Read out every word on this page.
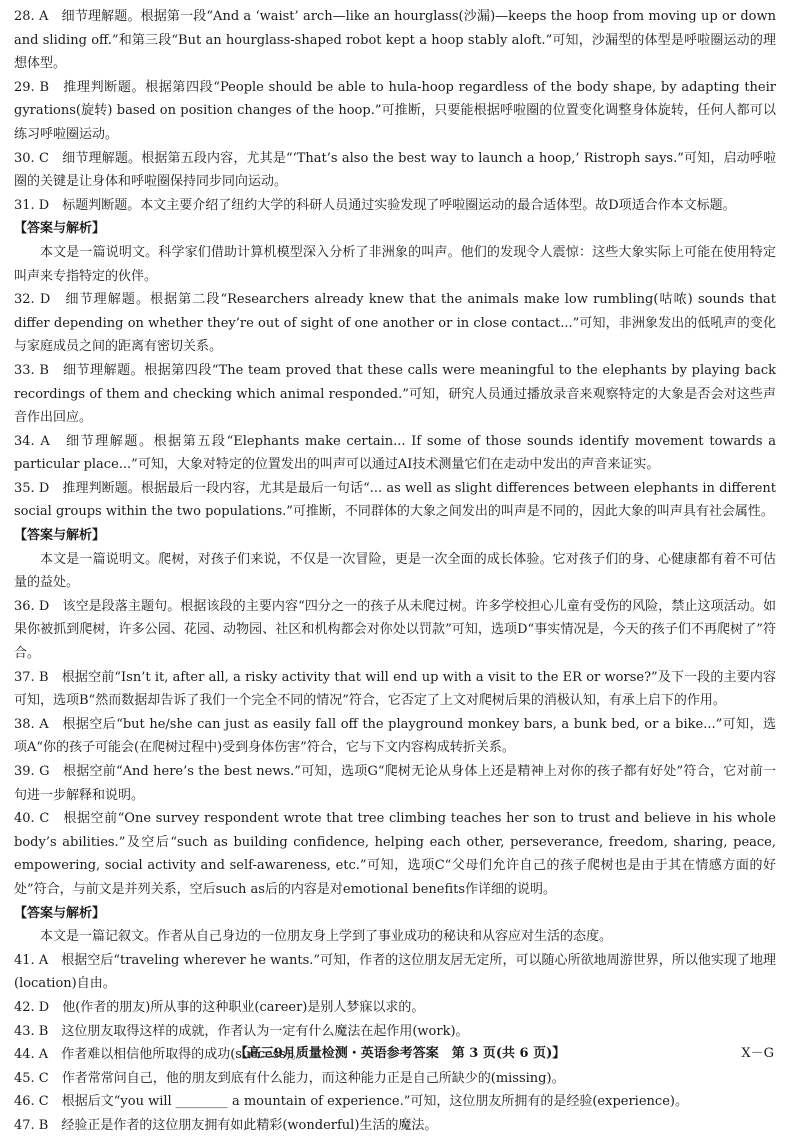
28. A　细节理解题。根据第一段“And a ‘waist’ arch—like an hourglass(沙漏)—keeps the hoop from moving up or down and sliding off.”和第三段“But an hourglass-shaped robot kept a hoop stably aloft.”可知，沙漏型的体型是呼啦圈运动的理想体型。
29. B　推理判断题。根据第四段“People should be able to hula-hoop regardless of the body shape, by adapting their gyrations(旋转) based on position changes of the hoop.”可推断，只要能根据呼啦圈的位置变化调整身体旋转，任何人都可以练习呼啦圈运动。
30. C　细节理解题。根据第五段内容，尤其是“‘That’s also the best way to launch a hoop,’ Ristroph says.”可知，启动呼啦圈的关键是让身体和呼啦圈保持同步同向运动。
31. D　标题判断题。本文主要介绍了纽约大学的科研人员通过实验发现了呼啦圈运动的最合适体型。故D项适合作本文标题。
【答案与解析】
本文是一篇说明文。科学家们借助计算机模型深入分析了非洲象的叫声。他们的发现令人震惊：这些大象实际上可能在使用特定叫声来专指特定的伙伴。
32. D　细节理解题。根据第二段“Researchers already knew that the animals make low rumbling(咕哝) sounds that differ depending on whether they’re out of sight of one another or in close contact...”可知，非洲象发出的低吼声的变化与家庭成员之间的距离有密切关系。
33. B　细节理解题。根据第四段“The team proved that these calls were meaningful to the elephants by playing back recordings of them and checking which animal responded.”可知，研究人员通过播放录音来观察特定的大象是否会对这些声音作出回应。
34. A　细节理解题。根据第五段“Elephants make certain... If some of those sounds identify movement towards a particular place...”可知，大象对特定的位置发出的叫声可以通过AI技术测量它们在走动中发出的声音来证实。
35. D　推理判断题。根据最后一段内容，尤其是最后一句话“... as well as slight differences between elephants in different social groups within the two populations.”可推断，不同群体的大象之间发出的叫声是不同的，因此大象的叫声具有社会属性。
【答案与解析】
本文是一篇说明文。爬树，对孩子们来说，不仅是一次冒险，更是一次全面的成长体验。它对孩子们的身、心健康都有着不可估量的益处。
36. D　该空是段落主题句。根据该段的主要内容“四分之一的孩子从未爬过树。许多学校担心儿童有受伤的风险，禁止这项活动。如果你被抓到爬树，许多公园、花园、动物园、社区和机构都会对你处以罚款”可知，选项D“事实情况是，今天的孩子们不再爬树了”符合。
37. B　根据空前“Isn’t it, after all, a risky activity that will end up with a visit to the ER or worse?”及下一段的主要内容可知，选项B“然而数据却告诉了我们一个完全不同的情况”符合，它否定了上文对爬树后果的消极认知，有承上启下的作用。
38. A　根据空后“but he/she can just as easily fall off the playground monkey bars, a bunk bed, or a bike...”可知，选项A“你的孩子可能会(在爬树过程中)受到身体伤害”符合，它与下文内容构成转折关系。
39. G　根据空前“And here’s the best news.”可知，选项G“爬树无论从身体上还是精神上对你的孩子都有好处”符合，它对前一句进一步解释和说明。
40. C　根据空前“One survey respondent wrote that tree climbing teaches her son to trust and believe in his whole body’s abilities.”及空后“such as building confidence, helping each other, perseverance, freedom, sharing, peace, empowering, social activity and self-awareness, etc.”可知，选项C“父母们允许自己的孩子爬树也是由于其在情感方面的好处”符合，与前文是并列关系，空后such as后的内容是对emotional benefits作详细的说明。
【答案与解析】
本文是一篇记叙文。作者从自己身边的一位朋友身上学到了事业成功的秘诀和从容应对生活的态度。
41. A　根据空后“traveling wherever he wants.”可知，作者的这位朋友居无定所，可以随心所欲地周游世界，所以他实现了地理(location)自由。
42. D　他(作者的朋友)所从事的这种职业(career)是别人梦寐以求的。
43. B　这位朋友取得这样的成就，作者认为一定有什么魔法在起作用(work)。
44. A　作者难以相信他所取得的成功(success)。
45. C　作者常常问自己，他的朋友到底有什么能力，而这种能力正是自己所缺少的(missing)。
46. C　根据后文“you will ________ a mountain of experience.”可知，这位朋友所拥有的是经验(experience)。
47. B　经验正是作者的这位朋友拥有如此精彩(wonderful)生活的魔法。
【高三9月质量检测・英语参考答案　第 3 页(共 6 页)】	X－G
